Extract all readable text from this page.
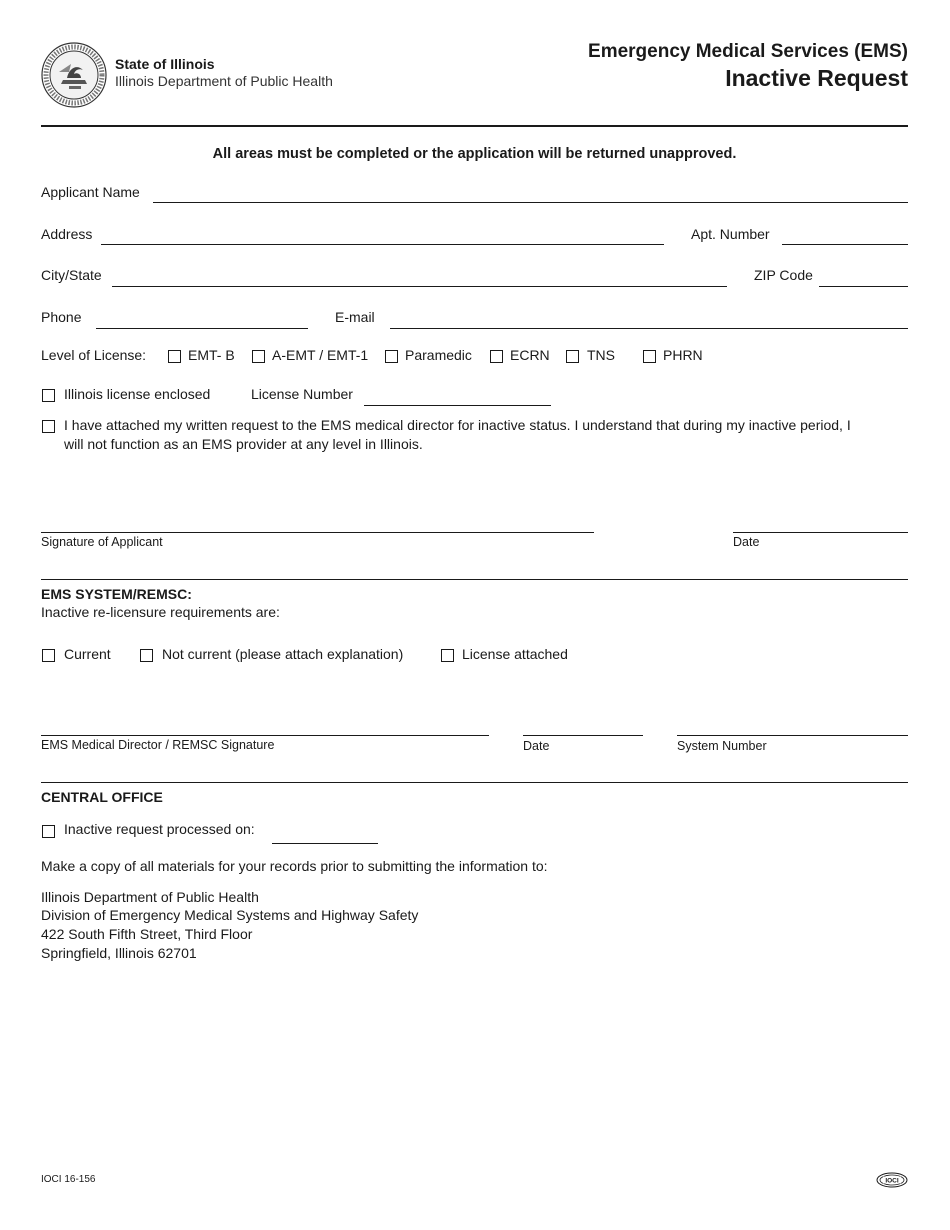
State of Illinois
Illinois Department of Public Health
Emergency Medical Services (EMS)
Inactive Request
All areas must be completed or the application will be returned unapproved.
Applicant Name
Address	Apt. Number
City/State	ZIP Code
Phone	E-mail
Level of License:	EMT- B	A-EMT / EMT-1	Paramedic	ECRN	TNS	PHRN
Illinois license enclosed	License Number
I have attached my written request to the EMS medical director for inactive status. I understand that during my inactive period, I
will not function as an EMS provider at any level in Illinois.
Signature of Applicant	Date
EMS SYSTEM/REMSC:
Inactive re-licensure requirements are:
Current	Not current (please attach explanation)	License attached
EMS Medical Director / REMSC Signature	Date	System Number
CENTRAL OFFICE
Inactive request processed on:
Make a copy of all materials for your records prior to submitting the information to:
Illinois Department of Public Health
Division of Emergency Medical Systems and Highway Safety
422 South Fifth Street, Third Floor
Springfield, Illinois 62701
IOCI 16-156	IOCI
